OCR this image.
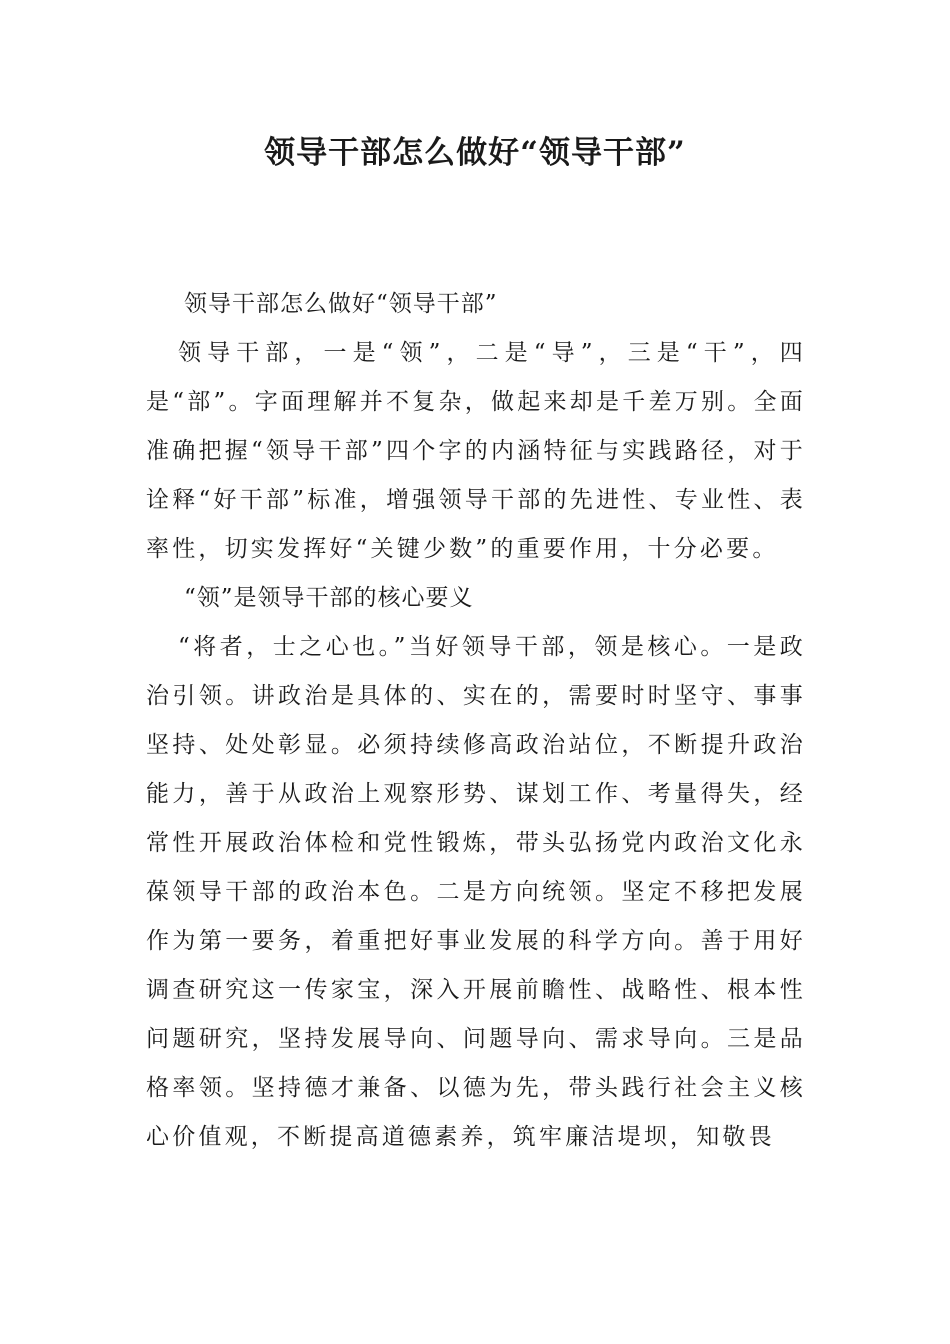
领导干部怎么做好“领导干部”

领导干部怎么做好“领导干部”

领导干部，一是“领”，二是“导”，三是“干”，四是“部”。字面理解并不复杂，做起来却是千差万别。全面准确把握“领导干部”四个字的内涵特征与实践路径，对于诠释“好干部”标准，增强领导干部的先进性、专业性、表率性，切实发挥好“关键少数”的重要作用，十分必要。

“领”是领导干部的核心要义

“将者，士之心也。”当好领导干部，领是核心。一是政治引领。讲政治是具体的、实在的，需要时时坚守、事事坚持、处处彰显。必须持续修高政治站位，不断提升政治能力，善于从政治上观察形势、谋划工作、考量得失，经常性开展政治体检和党性锻炼，带头弘扬党内政治文化永葆领导干部的政治本色。二是方向统领。坚定不移把发展作为第一要务，着重把好事业发展的科学方向。善于用好调查研究这一传家宝，深入开展前瞻性、战略性、根本性问题研究，坚持发展导向、问题导向、需求导向。三是品格率领。坚持德才兼备、以德为先，带头践行社会主义核心价值观，不断提高道德素养，筑牢廉洁堤坝，知敬畏
